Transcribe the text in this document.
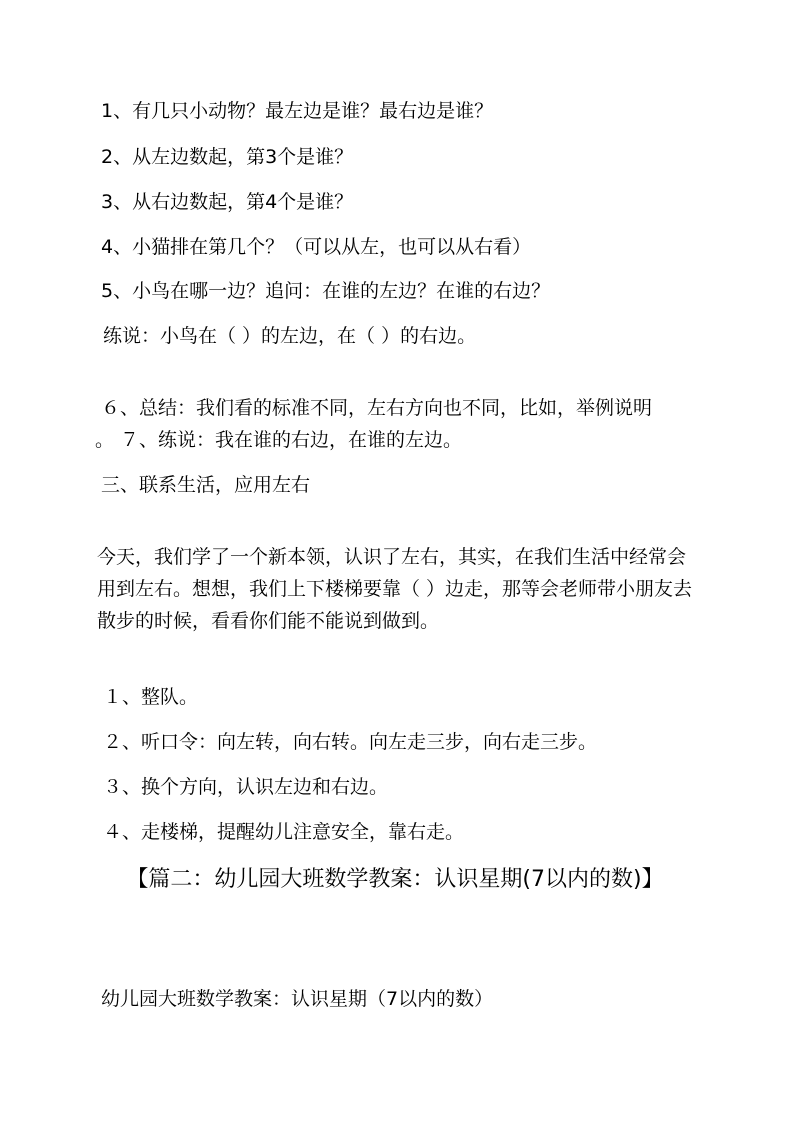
1、有几只小动物？最左边是谁？最右边是谁？
2、从左边数起，第3个是谁？
3、从右边数起，第4个是谁？
4、小猫排在第几个？（可以从左，也可以从右看）
5、小鸟在哪一边？追问：在谁的左边？在谁的右边？
练说：小鸟在（ ）的左边，在（ ）的右边。
６、总结：我们看的标准不同，左右方向也不同，比如，举例说明
。 ７、练说：我在谁的右边，在谁的左边。
三、联系生活，应用左右
今天，我们学了一个新本领，认识了左右，其实，在我们生活中经常会用到左右。想想，我们上下楼梯要靠（ ）边走，那等会老师带小朋友去散步的时候，看看你们能不能说到做到。
１、整队。
２、听口令：向左转，向右转。向左走三步，向右走三步。
３、换个方向，认识左边和右边。
４、走楼梯，提醒幼儿注意安全，靠右走。
【篇二：幼儿园大班数学教案：认识星期(7以内的数)】
幼儿园大班数学教案：认识星期（7以内的数）
